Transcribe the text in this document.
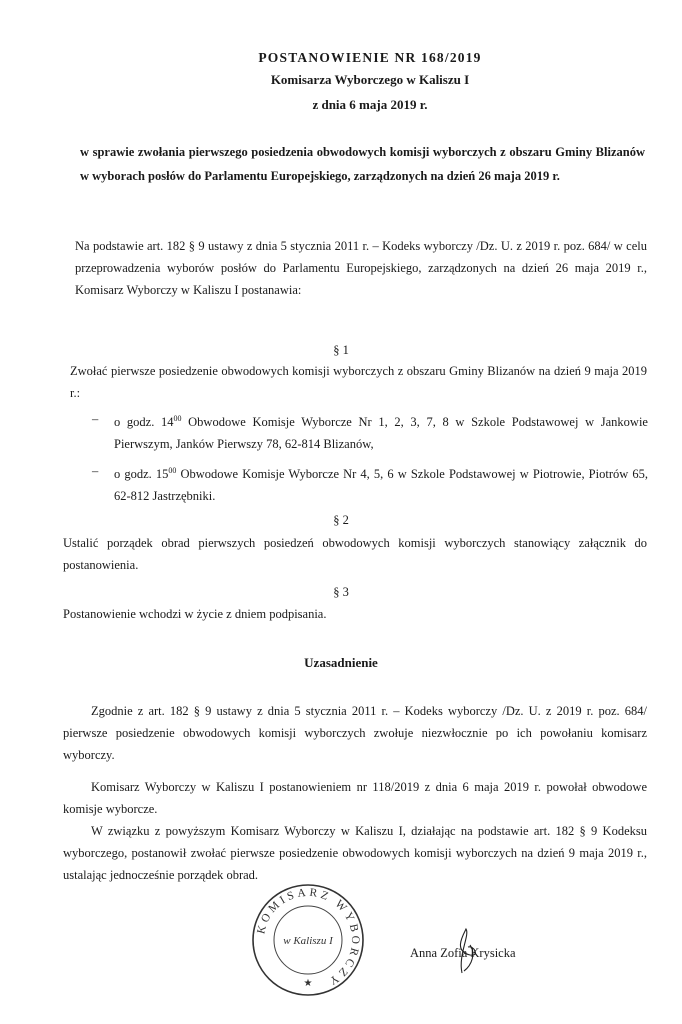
POSTANOWIENIE NR 168/2019
Komisarza Wyborczego w Kaliszu I
z dnia 6 maja 2019 r.
w sprawie zwołania pierwszego posiedzenia obwodowych komisji wyborczych z obszaru Gminy Blizanów w wyborach posłów do Parlamentu Europejskiego, zarządzonych na dzień 26 maja 2019 r.
Na podstawie art. 182 § 9 ustawy z dnia 5 stycznia 2011 r. – Kodeks wyborczy /Dz. U. z 2019 r. poz. 684/ w celu przeprowadzenia wyborów posłów do Parlamentu Europejskiego, zarządzonych na dzień 26 maja 2019 r., Komisarz Wyborczy w Kaliszu I postanawia:
§ 1
Zwołać pierwsze posiedzenie obwodowych komisji wyborczych z obszaru Gminy Blizanów na dzień 9 maja 2019 r.:
– o godz. $14^{00}$ Obwodowe Komisje Wyborcze Nr 1, 2, 3, 7, 8 w Szkole Podstawowej w Jankowie Pierwszym, Janków Pierwszy 78, 62-814 Blizanów,
– o godz. $15^{00}$ Obwodowe Komisje Wyborcze Nr 4, 5, 6 w Szkole Podstawowej w Piotrowie, Piotrów 65, 62-812 Jastrzębniki.
§ 2
Ustalić porządek obrad pierwszych posiedzeń obwodowych komisji wyborczych stanowiący załącznik do postanowienia.
§ 3
Postanowienie wchodzi w życie z dniem podpisania.
Uzasadnienie
Zgodnie z art. 182 § 9 ustawy z dnia 5 stycznia 2011 r. – Kodeks wyborczy /Dz. U. z 2019 r. poz. 684/ pierwsze posiedzenie obwodowych komisji wyborczych zwołuje niezwłocznie po ich powołaniu komisarz wyborczy.
Komisarz Wyborczy w Kaliszu I postanowieniem nr 118/2019 z dnia 6 maja 2019 r. powołał obwodowe komisje wyborcze.
W związku z powyższym Komisarz Wyborczy w Kaliszu I, działając na podstawie art. 182 § 9 Kodeksu wyborczego, postanowił zwołać pierwsze posiedzenie obwodowych komisji wyborczych na dzień 9 maja 2019 r., ustalając jednocześnie porządek obrad.
KOMISARZ WYBORCZY
w Kaliszu I
★
Anna Zofia Krysicka
